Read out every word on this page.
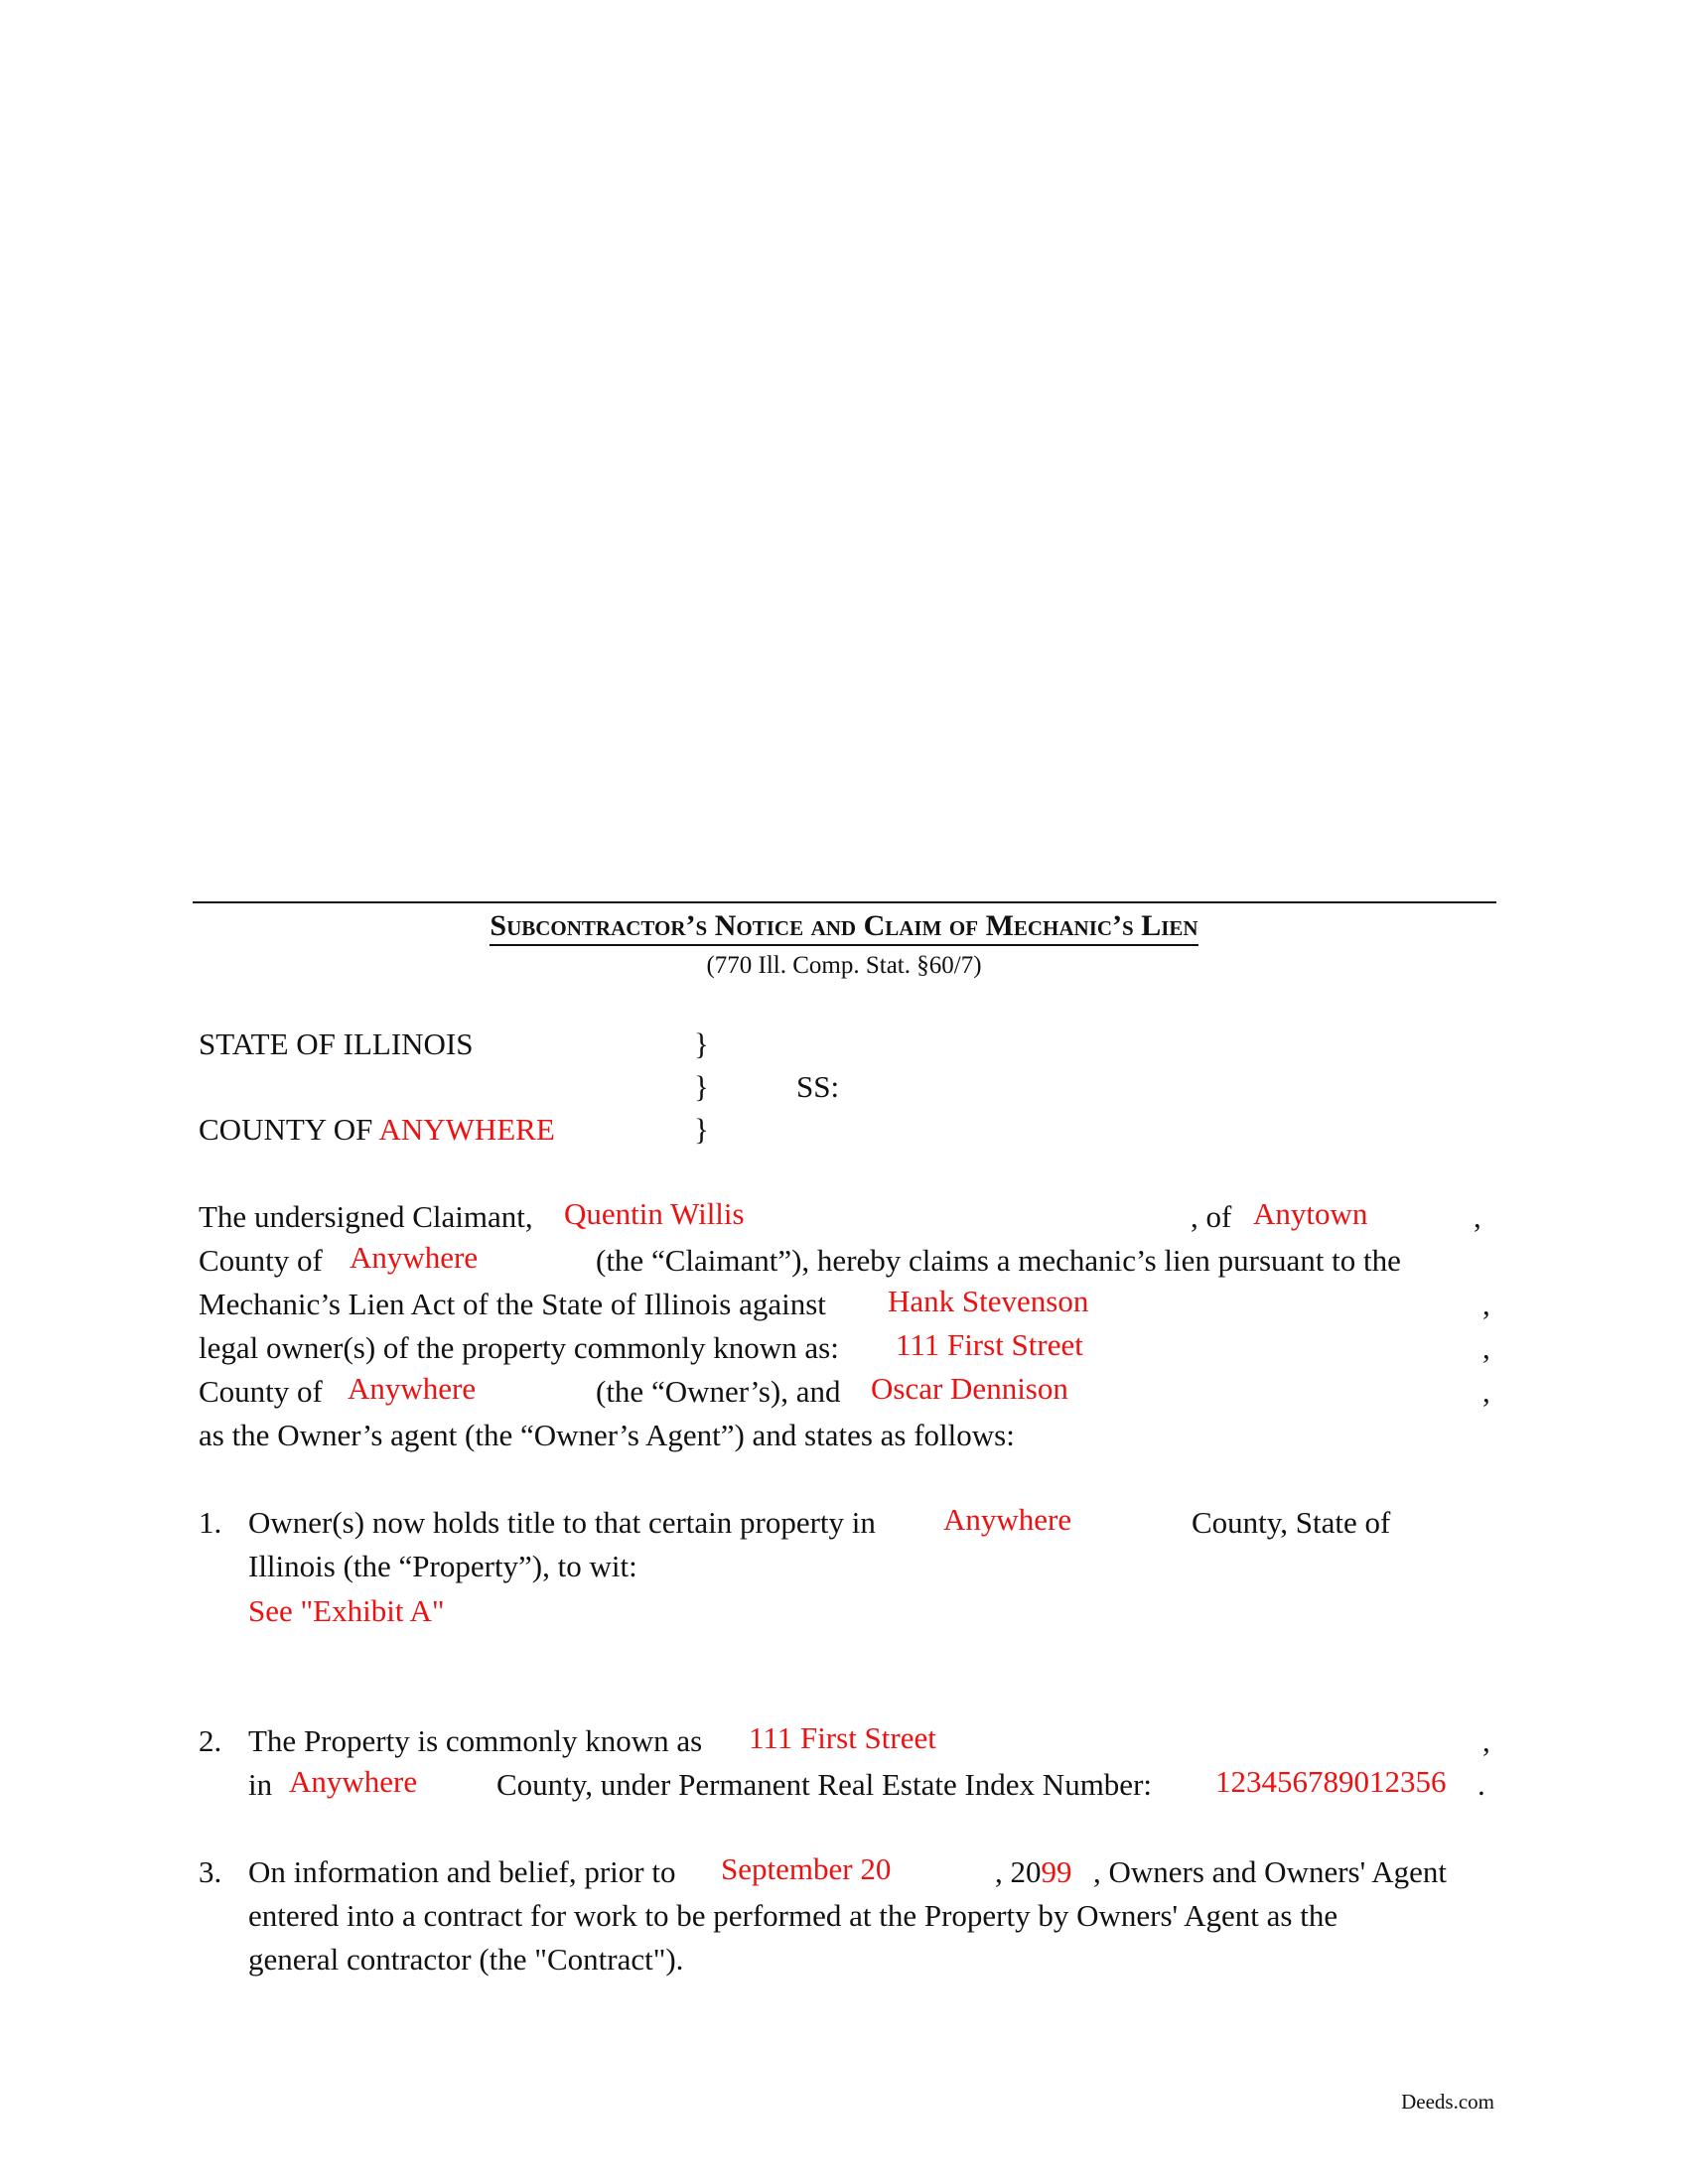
Subcontractor’s Notice and Claim of Mechanic’s Lien
(770 Ill. Comp. Stat. §60/7)
STATE OF ILLINOIS	}
}	SS:
COUNTY OF ANYWHERE	}
The undersigned Claimant, Quentin Willis	, of Anytown	,
County of Anywhere	(the “Claimant”), hereby claims a mechanic’s lien pursuant to the
Mechanic’s Lien Act of the State of Illinois against Hank Stevenson	,
legal owner(s) of the property commonly known as: 111 First Street	,
County of Anywhere	(the “Owner’s), and Oscar Dennison	,
as the Owner’s agent (the “Owner’s Agent”) and states as follows:
1. Owner(s) now holds title to that certain property in Anywhere	County, State of
Illinois (the “Property”), to wit:
See "Exhibit A"
2. The Property is commonly known as 111 First Street	,
in Anywhere	County, under Permanent Real Estate Index Number: 123456789012356 .
3. On information and belief, prior to September 20	, 2099 , Owners and Owners' Agent
entered into a contract for work to be performed at the Property by Owners' Agent as the
general contractor (the "Contract").
Deeds.com
